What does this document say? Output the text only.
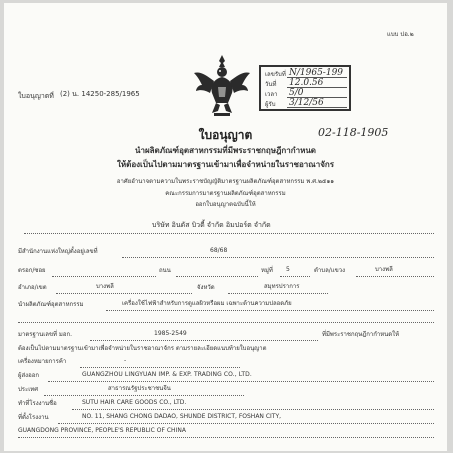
แบบ ปอ.๒
ใบอนุญาตที่ (2) น. 14250-285/1965
เลขรับที่ N/1965-199
วันที่ 12.0.56
เวลา 5/0
ผู้รับ 3/12/56
02-118-1905
ใบอนุญาต
นำผลิตภัณฑ์อุตสาหกรรมที่มีพระราชกฤษฎีกากำหนด
ให้ต้องเป็นไปตามมาตรฐานเข้ามาเพื่อจำหน่ายในราชอาณาจักร
อาศัยอำนาจตามความในพระราชบัญญัติมาตรฐานผลิตภัณฑ์อุตสาหกรรม พ.ศ.๒๕๑๑
คณะกรรมการมาตรฐานผลิตภัณฑ์อุตสาหกรรม
ออกใบอนุญาตฉบับนี้ให้
บริษัท อินดัส บิวตี้ จำกัด อิมปอร์ต จำกัด
มีสำนักงานแห่งใหญ่ตั้งอยู่เลขที่	68/68
ตรอก/ซอย	ถนน	หมู่ที่ 5	ตำบล/แขวง	บางพลี
อำเภอ/เขต	บางพลี	จังหวัด	สมุทรปราการ
นำผลิตภัณฑ์อุตสาหกรรม	เครื่องใช้ไฟฟ้าสำหรับการดูแลผิวหรือผม เฉพาะด้านความปลอดภัย
มาตรฐานเลขที่ มอก.	1985-2549	ที่มีพระราชกฤษฎีกากำหนดให้
ต้องเป็นไปตามมาตรฐานเข้ามาเพื่อจำหน่ายในราชอาณาจักร ตามรายละเอียดแนบท้ายใบอนุญาต
เครื่องหมายการค้า	-
ผู้ส่งออก	GUANGZHOU LINGYUAN IMP. & EXP. TRADING CO., LTD.
ประเทศ	สาธารณรัฐประชาชนจีน
ทำที่โรงงานชื่อ	SUTU HAIR CARE GOODS CO., LTD.
ที่ตั้งโรงงาน	NO. 11, SHANG CHONG DADAO, SHUNDE DISTRICT, FOSHAN CITY,
GUANGDONG PROVINCE, PEOPLE'S REPUBLIC OF CHINA
